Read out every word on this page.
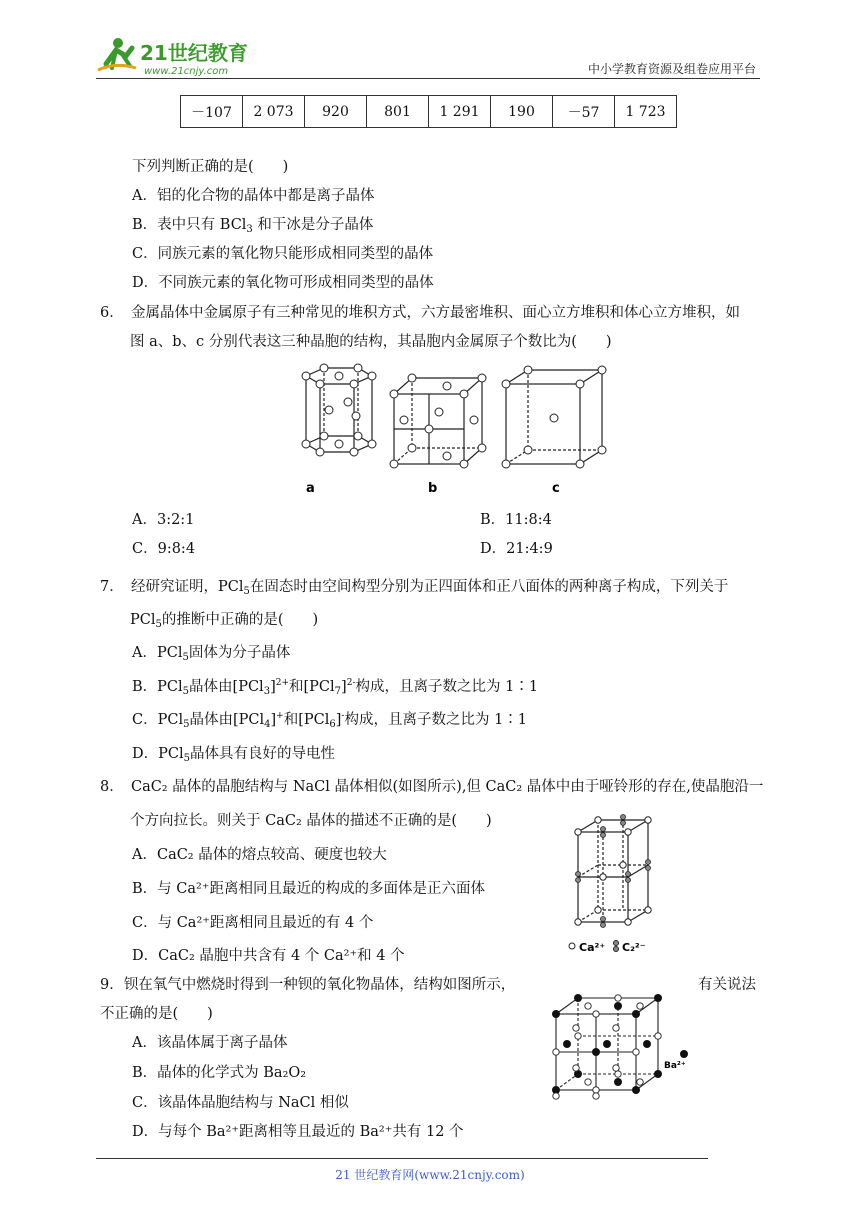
21世纪教育
www.21cnjy.com	中小学教育资源及组卷应用平台
－107	2 073	920	801	1 291	190	－57	1 723
下列判断正确的是(　　)
A．铝的化合物的晶体中都是离子晶体
B．表中只有 BCl$_3$ 和干冰是分子晶体
C．同族元素的氧化物只能形成相同类型的晶体
D．不同族元素的氧化物可形成相同类型的晶体
6．　金属晶体中金属原子有三种常见的堆积方式，六方最密堆积、面心立方堆积和体心立方堆积，如
图 a、b、c 分别代表这三种晶胞的结构，其晶胞内金属原子个数比为(　　)
a	b	c
A．3:2:1	B．11:8:4
C．9:8:4	D．21:4:9
7．　经研究证明，PCl$_5$在固态时由空间构型分别为正四面体和正八面体的两种离子构成，下列关于
PCl$_5$的推断中正确的是(　　)
A．PCl$_5$固体为分子晶体
B．PCl$_5$晶体由$[PCl_3]^{2+}$和$[PCl_7]^{2-}$构成，且离子数之比为 1∶1
C．PCl$_5$晶体由[PCl$_4$]+和[PCl$_6$]-构成，且离子数之比为 1∶1
D．PCl$_5$晶体具有良好的导电性
8．　CaC₂ 晶体的晶胞结构与 NaCl 晶体相似(如图所示),但 CaC₂ 晶体中由于哑铃形的存在,使晶胞沿一
个方向拉长。则关于 CaC₂ 晶体的描述不正确的是(　　)
A．CaC₂ 晶体的熔点较高、硬度也较大
B．与 Ca²⁺距离相同且最近的构成的多面体是正六面体
C．与 Ca²⁺距离相同且最近的有 4 个
D．CaC₂ 晶胞中共含有 4 个 Ca²⁺和 4 个
Ca²⁺ C₂²⁻
9．钡在氧气中燃烧时得到一种钡的氧化物晶体，结构如图所示，	有关说法
不正确的是(　　)
A．该晶体属于离子晶体
B．晶体的化学式为 Ba₂O₂
C．该晶体晶胞结构与 NaCl 相似
D．与每个 Ba²⁺距离相等且最近的 Ba²⁺共有 12 个
Ba²⁺
21 世纪教育网(www.21cnjy.com)
